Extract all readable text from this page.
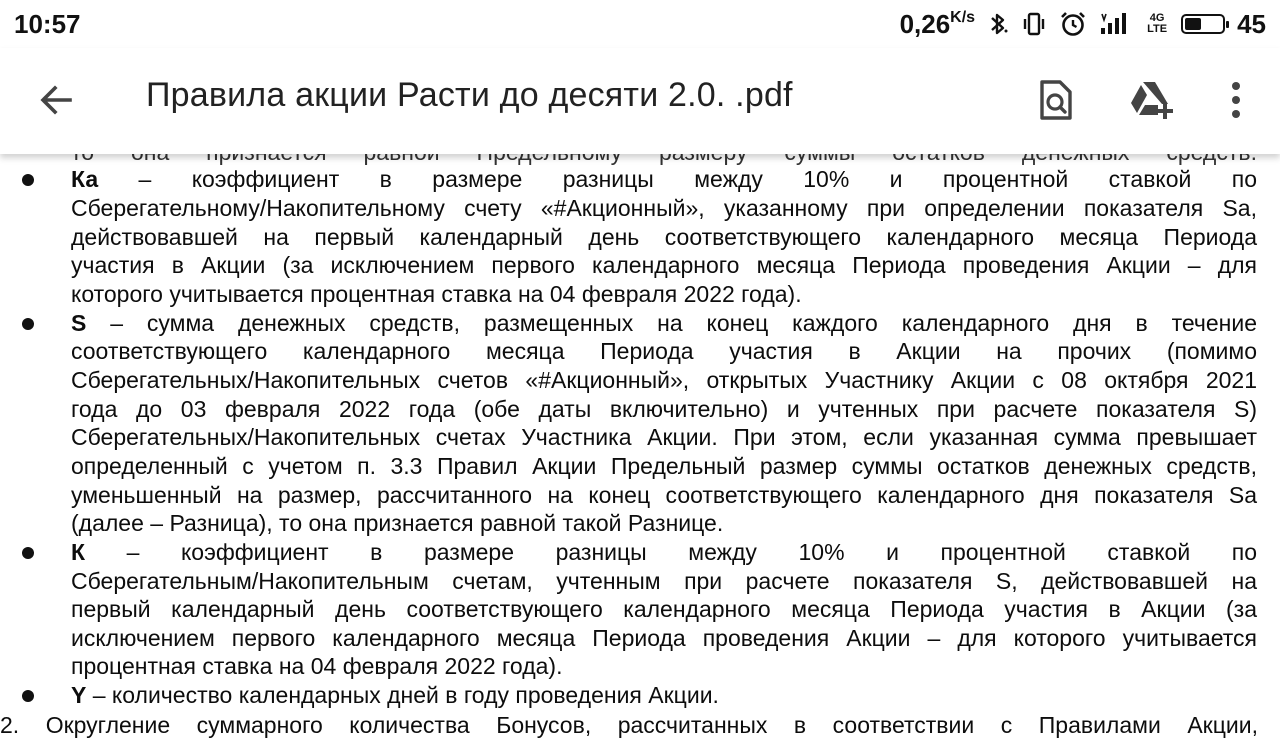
10:57	$0,26^{K/s}$	4G LTE	45
Правила акции Расти до десяти 2.0. .pdf
Ка – коэффициент в размере разницы между 10% и процентной ставкой по
Сберегательному/Накопительному счету «#Акционный», указанному при определении показателя Sa,
действовавшей на первый календарный день соответствующего календарного месяца Периода
участия в Акции (за исключением первого календарного месяца Периода проведения Акции – для
которого учитывается процентная ставка на 04 февраля 2022 года).
S – сумма денежных средств, размещенных на конец каждого календарного дня в течение
соответствующего календарного месяца Периода участия в Акции на прочих (помимо
Сберегательных/Накопительных счетов «#Акционный», открытых Участнику Акции с 08 октября 2021
года до 03 февраля 2022 года (обе даты включительно) и учтенных при расчете показателя S)
Сберегательных/Накопительных счетах Участника Акции. При этом, если указанная сумма превышает
определенный с учетом п. 3.3 Правил Акции Предельный размер суммы остатков денежных средств,
уменьшенный на размер, рассчитанного на конец соответствующего календарного дня показателя Sa
(далее – Разница), то она признается равной такой Разнице.
К – коэффициент в размере разницы между 10% и процентной ставкой по
Сберегательным/Накопительным счетам, учтенным при расчете показателя S, действовавшей на
первый календарный день соответствующего календарного месяца Периода участия в Акции (за
исключением первого календарного месяца Периода проведения Акции – для которого учитывается
процентная ставка на 04 февраля 2022 года).
Y – количество календарных дней в году проведения Акции.
2. Округление суммарного количества Бонусов, рассчитанных в соответствии с Правилами Акции,
